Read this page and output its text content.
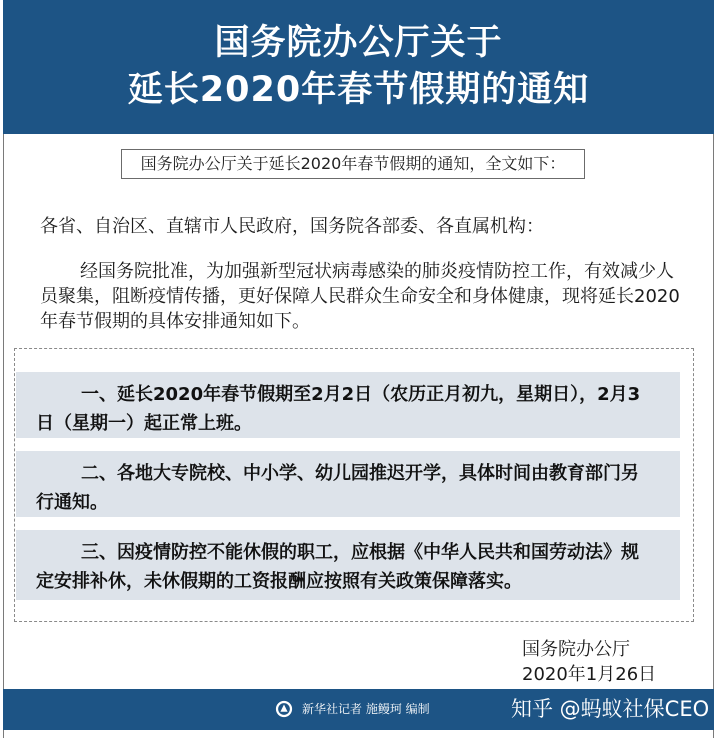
国务院办公厅关于
延长2020年春节假期的通知
国务院办公厅关于延长2020年春节假期的通知，全文如下：
各省、自治区、直辖市人民政府，国务院各部委、各直属机构：
经国务院批准，为加强新型冠状病毒感染的肺炎疫情防控工作，有效减少人员聚集，阻断疫情传播，更好保障人民群众生命安全和身体健康，现将延长2020年春节假期的具体安排通知如下。
一、延长2020年春节假期至2月2日（农历正月初九，星期日），2月3日（星期一）起正常上班。
二、各地大专院校、中小学、幼儿园推迟开学，具体时间由教育部门另行通知。
三、因疫情防控不能休假的职工，应根据《中华人民共和国劳动法》规定安排补休，未休假期的工资报酬应按照有关政策保障落实。
国务院办公厅
2020年1月26日
新华社记者 施鳗珂 编制	知乎 @蚂蚁社保CEO
